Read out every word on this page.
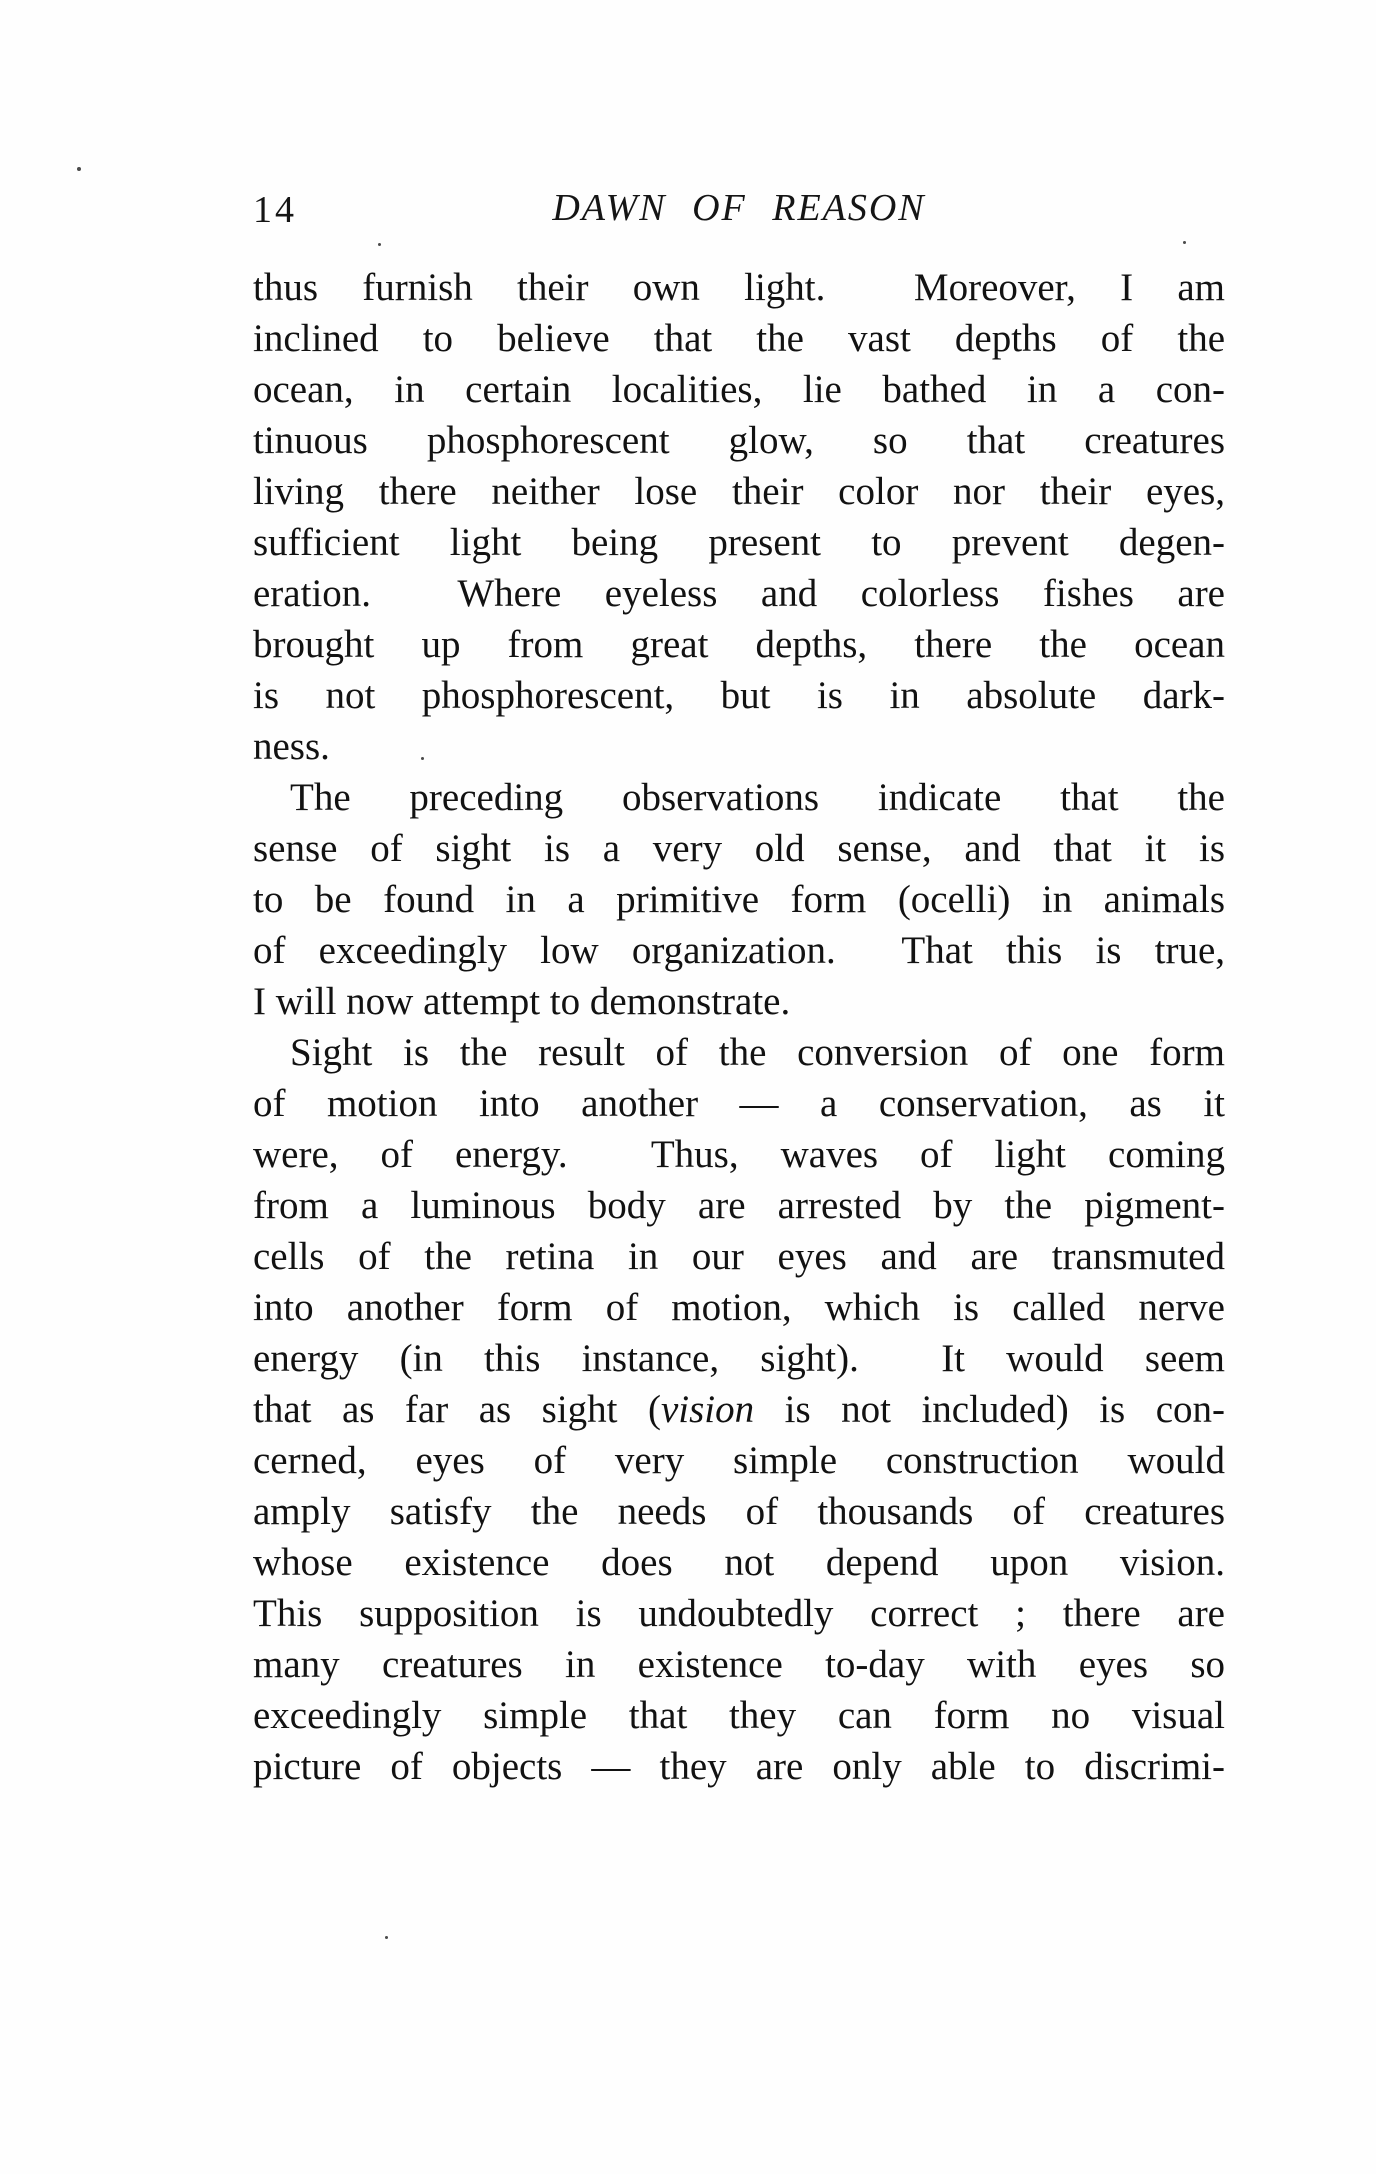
14	DAWN OF REASON
thus furnish their own light.  Moreover, I am
inclined to believe that the vast depths of the
ocean, in certain localities, lie bathed in a con-
tinuous phosphorescent glow, so that creatures
living there neither lose their color nor their eyes,
sufficient light being present to prevent degen-
eration.  Where eyeless and colorless fishes are
brought up from great depths, there the ocean
is not phosphorescent, but is in absolute dark-
ness.
The preceding observations indicate that the
sense of sight is a very old sense, and that it is
to be found in a primitive form (ocelli) in animals
of exceedingly low organization.  That this is true,
I will now attempt to demonstrate.
Sight is the result of the conversion of one form
of motion into another — a conservation, as it
were, of energy.  Thus, waves of light coming
from a luminous body are arrested by the pigment-
cells of the retina in our eyes and are transmuted
into another form of motion, which is called nerve
energy (in this instance, sight).  It would seem
that as far as sight (vision is not included) is con-
cerned, eyes of very simple construction would
amply satisfy the needs of thousands of creatures
whose existence does not depend upon vision.
This supposition is undoubtedly correct ; there are
many creatures in existence to-day with eyes so
exceedingly simple that they can form no visual
picture of objects — they are only able to discrimi-
